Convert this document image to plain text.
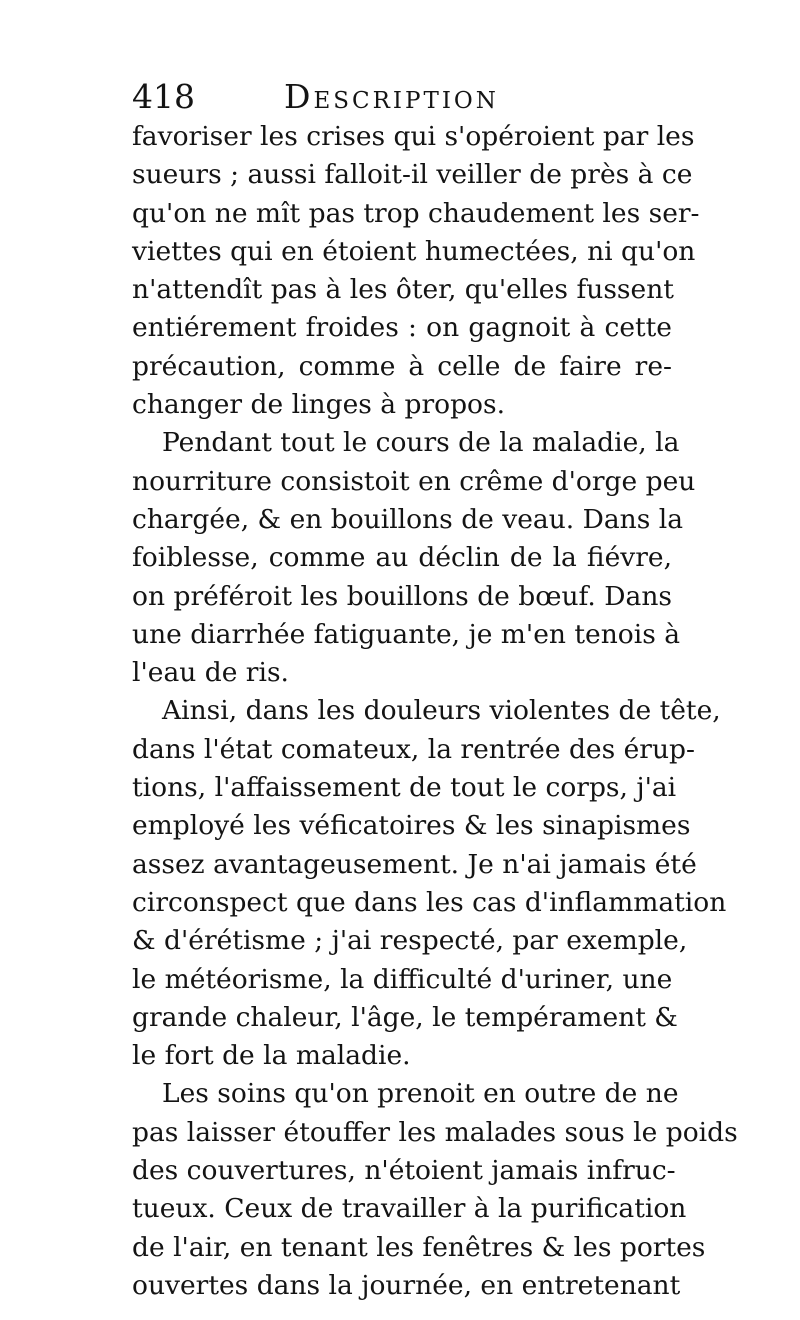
418	Description
favoriser les crises qui s'opéroient par les
sueurs ; aussi falloit-il veiller de près à ce
qu'on ne mît pas trop chaudement les ser-
viettes qui en étoient humectées, ni qu'on
n'attendît pas à les ôter, qu'elles fussent
entiérement froides : on gagnoit à cette
précaution, comme à celle de faire re-
changer de linges à propos.
Pendant tout le cours de la maladie, la
nourriture consistoit en crême d'orge peu
chargée, & en bouillons de veau. Dans la
foiblesse, comme au déclin de la fiévre,
on préféroit les bouillons de bœuf. Dans
une diarrhée fatiguante, je m'en tenois à
l'eau de ris.
Ainsi, dans les douleurs violentes de tête,
dans l'état comateux, la rentrée des érup-
tions, l'affaissement de tout le corps, j'ai
employé les véficatoires & les sinapismes
assez avantageusement. Je n'ai jamais été
circonspect que dans les cas d'inflammation
& d'érétisme ; j'ai respecté, par exemple,
le météorisme, la difficulté d'uriner, une
grande chaleur, l'âge, le tempérament &
le fort de la maladie.
Les soins qu'on prenoit en outre de ne
pas laisser étouffer les malades sous le poids
des couvertures, n'étoient jamais infruc-
tueux. Ceux de travailler à la purification
de l'air, en tenant les fenêtres & les portes
ouvertes dans la journée, en entretenant
